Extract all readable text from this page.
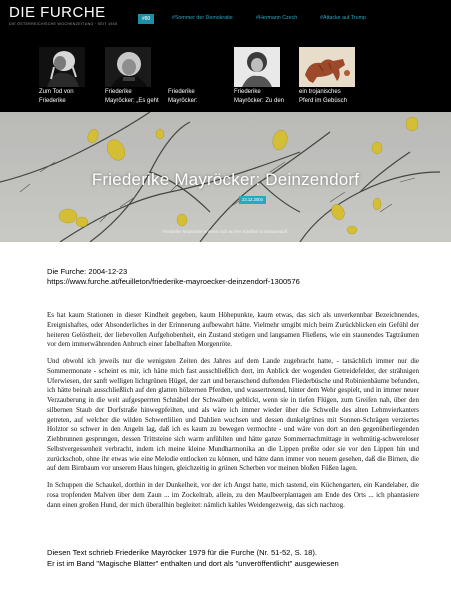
DIE FURCHE
DIE ÖSTERREICHISCHE WOCHENZEITUNG · SEIT 1945
#80	#Sommer der Demokratie	#Hermann Czech	#Attacke auf Trump
Zum Tod von
Friederike
Friederike
Mayröcker: „Es geht
Friederike
Mayröcker:
Friederike
Mayröcker: Zu den
ein trojanisches
Pferd im Gebüsch
Friederike Mayröcker: Deinzendorf
23.12.2004
Friederike Mayröcker erinnert sich an ihre Kindheit in Deinzendorf.
Die Furche: 2004-12-23
https://www.furche.at/feuilleton/friederike-mayroecker-deinzendorf-1300576

Es hat kaum Stationen in dieser Kindheit gegeben, kaum Höhepunkte, kaum etwas, das sich als unverkennbar Bezeichnendes, Ereignishaftes, oder Absonderliches in der Erinnerung aufbewahrt hätte. Vielmehr umgibt mich beim Zurückblicken ein Gefühl der heiteren Gelöstheit, der liebevollen Aufgehobenheit, ein Zustand stetigen und langsamen Fließens, wie ein staunendes Tagträumen vor dem immerwährenden Anbruch einer fabelhaften Morgenröte.

Und obwohl ich jeweils nur die wenigsten Zeiten des Jahres auf dem Lande zugebracht hatte, - tatsächlich immer nur die Sommermonate - scheint es mir, ich hätte mich fast ausschließlich dort, im Anblick der wogenden Getreidefelder, der strähnigen Uferwiesen, der sanft welligen lichtgrünen Hügel, der zart und berauschend duftenden Fliederbüsche und Robinienbäume befunden, ich hätte beinah ausschließlich auf den glatten hölzernen Pferden, und wassertretend, hinter dem Wehr gespielt, und in immer neuer Verzauberung in die weit aufgesperrten Schnäbel der Schwalben geblickt, wenn sie in tiefen Flügen, zum Greifen nah, über den silbernen Staub der Dorfstraße hinwegpfeilten, und als wäre ich immer wieder über die Schwelle des alten Lehmvierkanters getreten, auf welcher die wilden Schwertlilien und Dahlien wuchsen und dessen dunkelgrünes mit Sonnen-Schrägen verziertes Holztor so schwer in den Angeln lag, daß ich es kaum zu bewegen vermochte - und wäre von dort an den gegenüberliegenden Ziehbrunnen gesprungen, dessen Trittsteine sich warm anfühlten und hätte ganze Sommernachmittage in wehmütig-schwereloser Selbstvergessenheit verbracht, indem ich meine kleine Mundharmonika an die Lippen preßte oder sie vor den Lippen hin und zurückschob, ohne ihr etwas wie eine Melodie entlocken zu können, und hätte dann immer von neuem gesehen, daß die Birnen, die auf dem Birnbaum vor unserem Haus hingen, gleichzeitig in grünen Scherben vor meinen bloßen Füßen lagen.

In Schuppen die Schaukel, dorthin in der Dunkelheit, vor der ich Angst hatte, mich tastend, ein Küchengarten, ein Kandelaber, die rosa tropfenden Malven über dem Zaun ... im Zockeltrab, allein, zu den Maulbeerplantagen am Ende des Orts ... ich phantasiere dann einen großen Hund, der mich überallhin begleitet: nämlich kahles Weidengezweig, das sich nachzog.

Diesen Text schrieb Friederike Mayröcker 1979 für die Furche (Nr. 51-52, S. 18).
Er ist im Band "Magische Blätter" enthalten und dort als "unveröffentlicht" ausgewiesen
